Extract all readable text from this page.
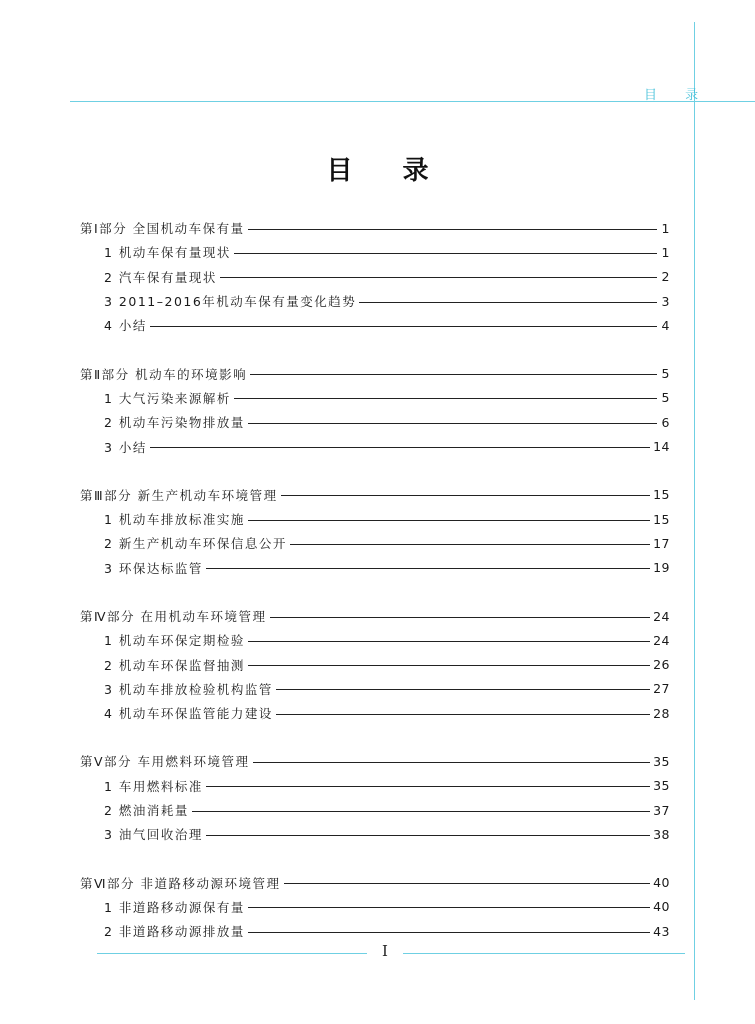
目 录
目录
第Ⅰ部分 全国机动车保有量	1
1 机动车保有量现状	1
2 汽车保有量现状	2
3 2011–2016年机动车保有量变化趋势	3
4 小结	4
第Ⅱ部分 机动车的环境影响	5
1 大气污染来源解析	5
2 机动车污染物排放量	6
3 小结	14
第Ⅲ部分 新生产机动车环境管理	15
1 机动车排放标准实施	15
2 新生产机动车环保信息公开	17
3 环保达标监管	19
第Ⅳ部分 在用机动车环境管理	24
1 机动车环保定期检验	24
2 机动车环保监督抽测	26
3 机动车排放检验机构监管	27
4 机动车环保监管能力建设	28
第Ⅴ部分 车用燃料环境管理	35
1 车用燃料标准	35
2 燃油消耗量	37
3 油气回收治理	38
第Ⅵ部分 非道路移动源环境管理	40
1 非道路移动源保有量	40
2 非道路移动源排放量	43
I
